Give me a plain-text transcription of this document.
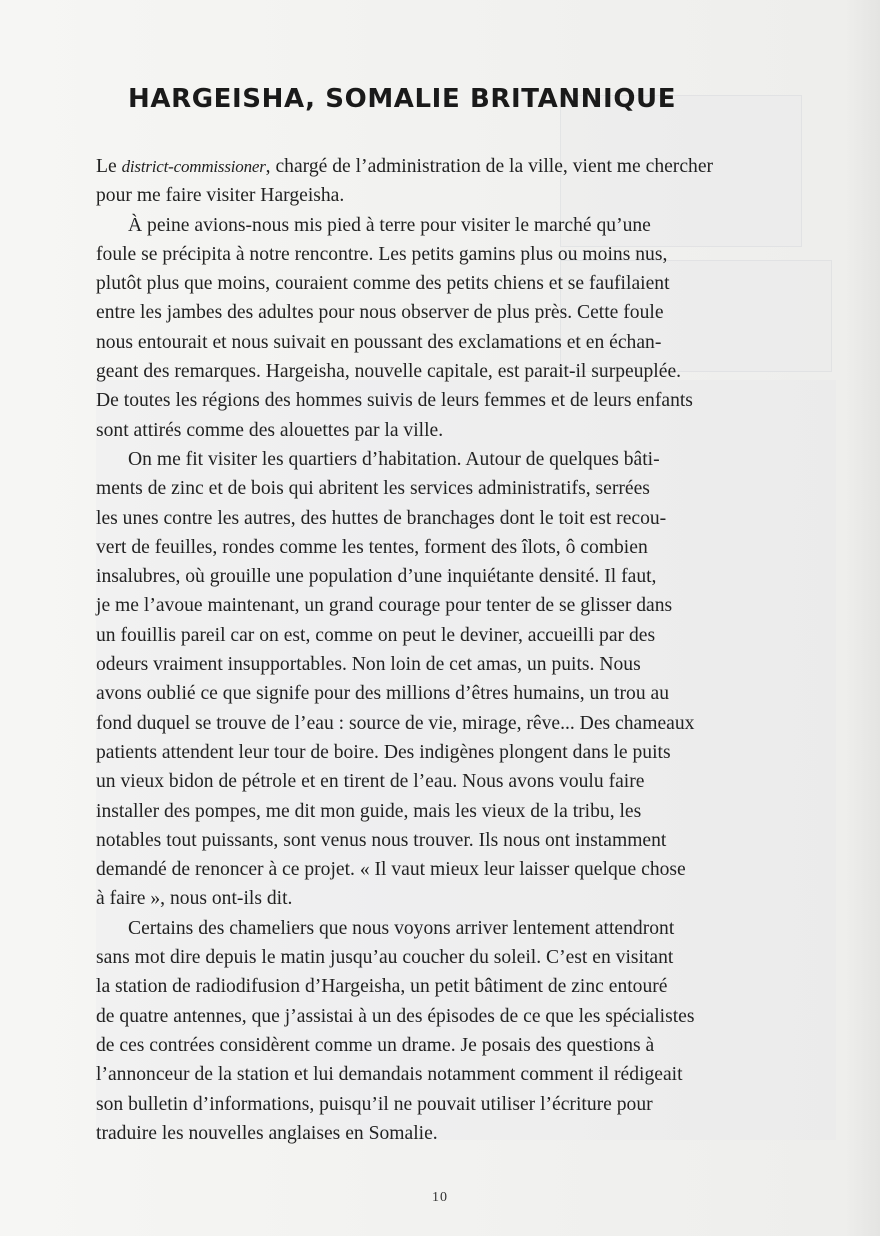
HARGEISHA, SOMALIE BRITANNIQUE
Le district-commissioner, chargé de l’administration de la ville, vient me chercher
pour me faire visiter Hargeisha.
À peine avions-nous mis pied à terre pour visiter le marché qu’une
foule se précipita à notre rencontre. Les petits gamins plus ou moins nus,
plutôt plus que moins, couraient comme des petits chiens et se faufilaient
entre les jambes des adultes pour nous observer de plus près. Cette foule
nous entourait et nous suivait en poussant des exclamations et en échan-
geant des remarques. Hargeisha, nouvelle capitale, est parait-il surpeuplée.
De toutes les régions des hommes suivis de leurs femmes et de leurs enfants
sont attirés comme des alouettes par la ville.
On me fit visiter les quartiers d’habitation. Autour de quelques bâti-
ments de zinc et de bois qui abritent les services administratifs, serrées
les unes contre les autres, des huttes de branchages dont le toit est recou-
vert de feuilles, rondes comme les tentes, forment des îlots, ô combien
insalubres, où grouille une population d’une inquiétante densité. Il faut,
je me l’avoue maintenant, un grand courage pour tenter de se glisser dans
un fouillis pareil car on est, comme on peut le deviner, accueilli par des
odeurs vraiment insupportables. Non loin de cet amas, un puits. Nous
avons oublié ce que signife pour des millions d’êtres humains, un trou au
fond duquel se trouve de l’eau : source de vie, mirage, rêve... Des chameaux
patients attendent leur tour de boire. Des indigènes plongent dans le puits
un vieux bidon de pétrole et en tirent de l’eau. Nous avons voulu faire
installer des pompes, me dit mon guide, mais les vieux de la tribu, les
notables tout puissants, sont venus nous trouver. Ils nous ont instamment
demandé de renoncer à ce projet. « Il vaut mieux leur laisser quelque chose
à faire », nous ont-ils dit.
Certains des chameliers que nous voyons arriver lentement attendront
sans mot dire depuis le matin jusqu’au coucher du soleil. C’est en visitant
la station de radiodifusion d’Hargeisha, un petit bâtiment de zinc entouré
de quatre antennes, que j’assistai à un des épisodes de ce que les spécialistes
de ces contrées considèrent comme un drame. Je posais des questions à
l’annonceur de la station et lui demandais notamment comment il rédigeait
son bulletin d’informations, puisqu’il ne pouvait utiliser l’écriture pour
traduire les nouvelles anglaises en Somalie.
10
